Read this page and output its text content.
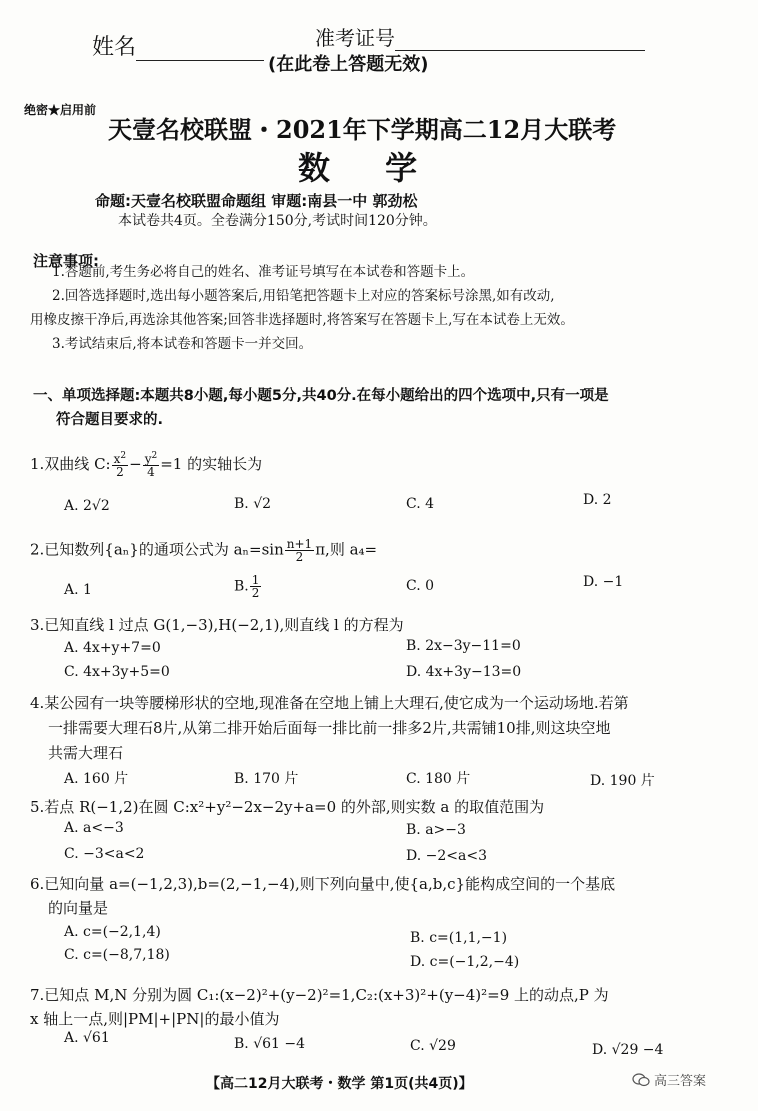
姓名	准考证号
(在此卷上答题无效)
绝密★启用前
天壹名校联盟・2021年下学期高二12月大联考
数 学
命题:天壹名校联盟命题组 审题:南县一中 郭劲松
本试卷共4页。全卷满分150分,考试时间120分钟。
注意事项:
1.答题前,考生务必将自己的姓名、准考证号填写在本试卷和答题卡上。
2.回答选择题时,选出每小题答案后,用铅笔把答题卡上对应的答案标号涂黑,如有改动,
用橡皮擦干净后,再选涂其他答案;回答非选择题时,将答案写在答题卡上,写在本试卷上无效。
3.考试结束后,将本试卷和答题卡一并交回。
一、单项选择题:本题共8小题,每小题5分,共40分.在每小题给出的四个选项中,只有一项是
符合题目要求的.
1.双曲线 C: $\frac{x^2}{2} - \frac{y^2}{4} =1$ 的实轴长为
A. 2√2	B. √2	C. 4	D. 2
2.已知数列{aₙ}的通项公式为 $a_n=\sin \frac{n+1}{2} \pi$,则 a₄=
A. 1	B. $\frac{1}{2}$	C. 0	D. −1
3.已知直线 l 过点 G(1,−3),H(−2,1),则直线 l 的方程为
A. 4x+y+7=0	B. 2x−3y−11=0
C. 4x+3y+5=0	D. 4x+3y−13=0
4.某公园有一块等腰梯形状的空地,现准备在空地上铺上大理石,使它成为一个运动场地.若第
一排需要大理石8片,从第二排开始后面每一排比前一排多2片,共需铺10排,则这块空地
共需大理石
A. 160 片	B. 170 片	C. 180 片	D. 190 片
5.若点 R(−1,2)在圆 C:x²+y²−2x−2y+a=0 的外部,则实数 a 的取值范围为
A. a<−3	B. a>−3
C. −3<a<2	D. −2<a<3
6.已知向量 a=(−1,2,3),b=(2,−1,−4),则下列向量中,使{a,b,c}能构成空间的一个基底
的向量是
A. c=(−2,1,4)	B. c=(1,1,−1)
C. c=(−8,7,18)	D. c=(−1,2,−4)
7.已知点 M,N 分别为圆 C₁:(x−2)²+(y−2)²=1,C₂:(x+3)²+(y−4)²=9 上的动点,P 为
x 轴上一点,则|PM|+|PN|的最小值为
A. √61	B. √61 −4	C. √29	D. √29 −4
【高二12月大联考・数学 第1页(共4页)】	高三答案
